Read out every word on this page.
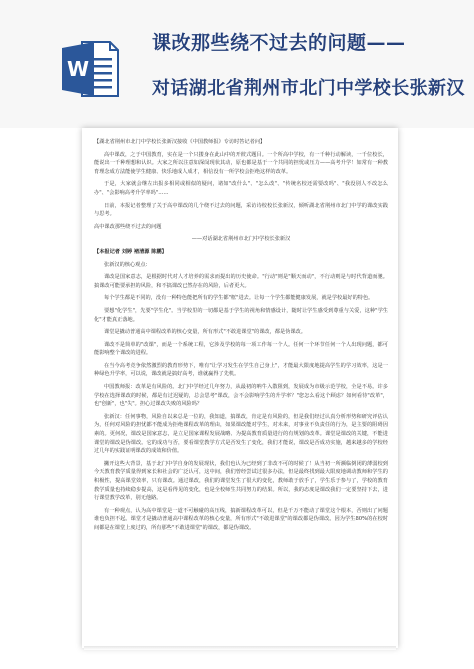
W
课改那些绕不过去的问题——
对话湖北省荆州市北门中学校长张新汉

【湖北省荆州市北门中学校长张新汉接收《中国教师报》专访时答记者问】

高中课改，之于中国教育，实在是一个只搂身在此山中的开彼式题目。一个所高中学校，有一千种行动解读，一千位校长，能说出一千种理想和认识。大家之所以注意如深闵现状其动，原也都是基于一个共同的担忧或压力——高考升学！如常有一种教育理念成方法能使学生健康、快乐地成人成才，相信没有一所学校会拒绝这样的改革。

于是，大家就会继左出报多相同或相似的疑问，诸如"改什么"、"怎么改"、"传统名校还需要改吗"、"我没别人不改怎么办"、"会影响高考升学率吗"……

日前，本报记者整理了关于高中课改的几个绕不过去的问题，采访诗校校长张新汉，倾听湖北省荆州市北门中学的课改实践与思考。

高中课改那些绕不过去的问题

——对话湖北省荆州市北门中学校长张新汉

【本报记者 刘婷 褚清源 陈鹏】

张新汉的核心观点：

课改是国家意志，是根据时代对人才培养的需求而提出的历史使命。"行动"则是"顺天而动"，不行动则是与时代背道而驰。搞课改可能要承担的风险，和不搞课改已然存在的风险，后者更大。

每个学生都是不同的，没有一种特色能把所有的学生都"框"进去。让每一个学生都能健康发展，就是学校最好的特色。

要想"化学生"，先要"学生化"。当学校里的一切都是基于学生的视角和情感设计，随时让学生感受到尊重与关爱，这种"学生化"才能真正落地。

课堂是撬动普通高中课程改革的核心变量，所有形式"不敢进课堂"的课改，都是伪课改。

课改不是简单的"改课"，而是一个系统工程，它涉及学校的每一项工作每一个人。任何一个环节任何一个人出现问题，都可能影响整个课改的进程。

在当今高考竞争依然激烈的教育形势下，唯有"让学习发生在学生自己身上"，才能最大限度地提高学生的学习效率，这是一种绿色升学率，可以说，课改就是搞好高考，谁就赢得了先机。

中国教师报：改革是有风险的。北门中学经过几年努力，从最初的呐牛入散阻到，发展成为市级示范学校，全是不易。许多学校在选择课改的时候，都是有过迟疑的，总会思考"课改，会不会影响学生的升学率？"您怎么看这个顾虑？如何看待"改革"，也"创新"，也"失"。担心过课改失败的风险吗？

张新汉：任何事物，风险自以来总是一位的，我知道，搞课改，肯定是有风险的，但是我们经过认真分析形势和研究评估认为，任何对风险的担忧都不能成为拒绝课程改革的理由，如果课改能对学生，对未来，对事业不负责任的行为，是主要的阻碍因素的。更何况，课改是国家意志，是立足国家课程发展战略、为提高教育质量进行的有规划的改革。课堂是课改的关键，不能进课堂的课改是伪课改。它的成功与否，要看课堂教学方式是否发生了变化，我们才能说，课改是否成功实施，越来越多的学校经过几年的实践证明课改的成效和价值。

撇开这些大背景，基于北门中学自身的发展现状，我们也认为已经到了非改不可的时候了！从当初一所濒临倒闭的薄弱校到今天教育教学质量得到家长和社会的广泛认可，这中间，我们曾经尝试过很多办法，但是最终找到最大限度地调动教师和学生的积极性，提高课堂效率，只有课改。通过课改，我们的课堂发生了很大的变化，教师敢于放手了，学生乐于参与了，学校的教育教学质量也持续稳步提高，这是看得见的变化，也是全校师生共同努力的结果。所以，我的态度是课改我们一定要坚持下去，进行课堂教学改革，别无他路。

有一种观点，认为高中课堂是一道不可触碰的高压线，搞新课程改革可以，但是千万不能动了课堂这个根本，否则出了问题谁也负担不起。课堂才是撬动普通高中课程改革的核心变量，所有形式"不敢进课堂"的课改都是伪课改。因为学生80%的在校时间都是在课堂上度过的，所有那些"不敢进课堂"的课改，都是伪课改。
